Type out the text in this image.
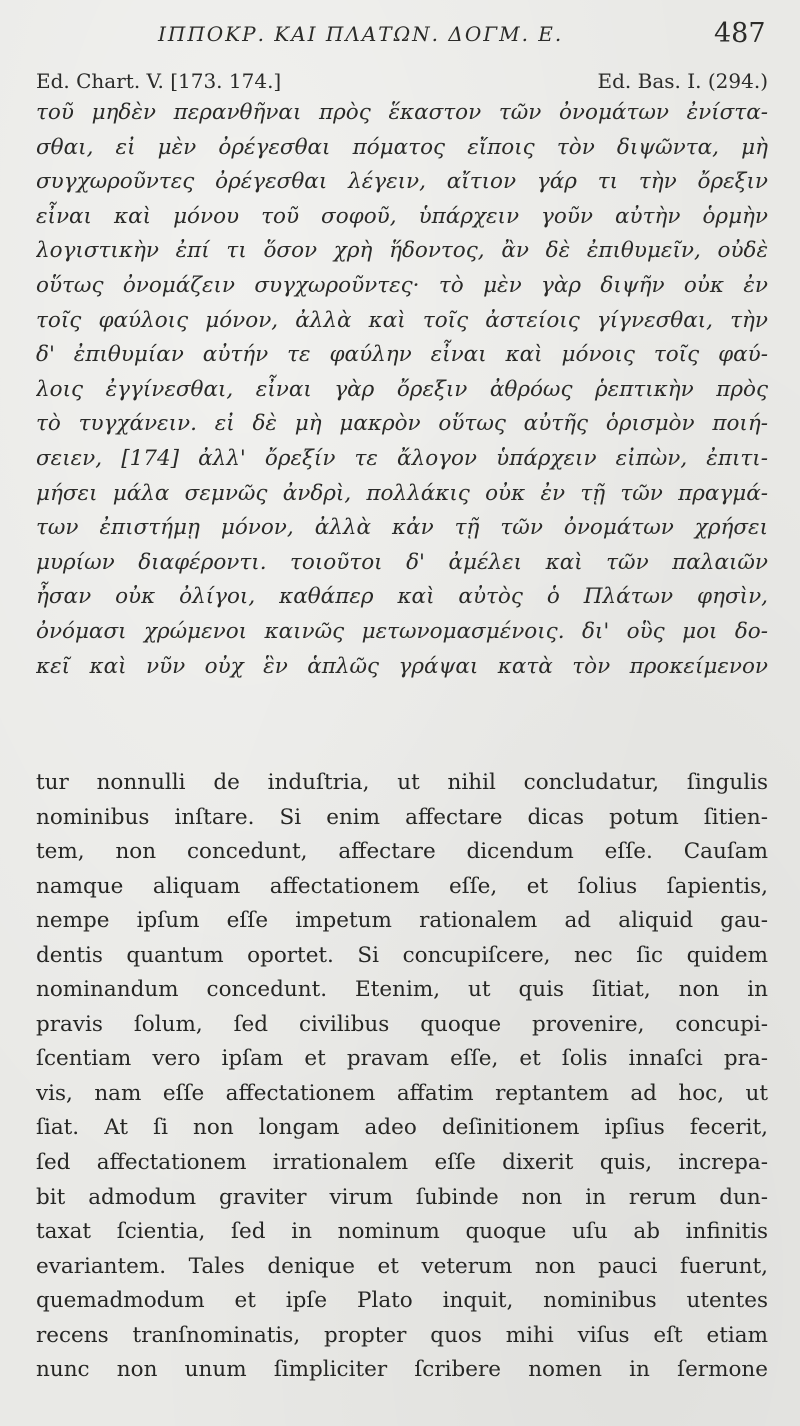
ΙΠΠΟΚΡ. ΚΑΙ ΠΛΑΤΩΝ. ΔΟΓΜ. Ε.	487
Ed. Chart. V. [173. 174.]	Ed. Bas. I. (294.)
τοῦ μηδὲν περανθῆναι πρὸς ἕκαστον τῶν ὀνομάτων ἐνίστα-
σθαι, εἰ μὲν ὀρέγεσθαι πόματος εἴποις τὸν διψῶντα, μὴ
συγχωροῦντες ὀρέγεσθαι λέγειν, αἴτιον γάρ τι τὴν ὄρεξιν
εἶναι καὶ μόνου τοῦ σοφοῦ, ὑπάρχειν γοῦν αὐτὴν ὁρμὴν
λογιστικὴν ἐπί τι ὅσον χρὴ ἥδοντος, ἂν δὲ ἐπιθυμεῖν, οὐδὲ
οὕτως ὀνομάζειν συγχωροῦντες· τὸ μὲν γὰρ διψῆν οὐκ ἐν
τοῖς φαύλοις μόνον, ἀλλὰ καὶ τοῖς ἀστείοις γίγνεσθαι, τὴν
δ' ἐπιθυμίαν αὐτήν τε φαύλην εἶναι καὶ μόνοις τοῖς φαύ-
λοις ἐγγίνεσθαι, εἶναι γὰρ ὄρεξιν ἀθρόως ῥεπτικὴν πρὸς
τὸ τυγχάνειν. εἰ δὲ μὴ μακρὸν οὕτως αὐτῆς ὁρισμὸν ποιή-
σειεν, [174] ἀλλ' ὄρεξίν τε ἄλογον ὑπάρχειν εἰπὼν, ἐπιτι-
μήσει μάλα σεμνῶς ἀνδρὶ, πολλάκις οὐκ ἐν τῇ τῶν πραγμά-
των ἐπιστήμῃ μόνον, ἀλλὰ κἀν τῇ τῶν ὀνομάτων χρήσει
μυρίων διαφέροντι. τοιοῦτοι δ' ἀμέλει καὶ τῶν παλαιῶν
ἦσαν οὐκ ὀλίγοι, καθάπερ καὶ αὐτὸς ὁ Πλάτων φησὶν,
ὀνόμασι χρώμενοι καινῶς μετωνομασμένοις. δι' οὓς μοι δο-
κεῖ καὶ νῦν οὐχ ἓν ἁπλῶς γράψαι κατὰ τὸν προκείμενον
tur nonnulli de induſtria, ut nihil concludatur, ſingulis
nominibus inſtare. Si enim affectare dicas potum ſitien-
tem, non concedunt, affectare dicendum eſſe. Cauſam
namque aliquam affectationem eſſe, et ſolius ſapientis,
nempe ipſum eſſe impetum rationalem ad aliquid gau-
dentis quantum oportet. Si concupiſcere, nec ſic quidem
nominandum concedunt. Etenim, ut quis ſitiat, non in
pravis ſolum, ſed civilibus quoque provenire, concupi-
ſcentiam vero ipſam et pravam eſſe, et ſolis innaſci pra-
vis, nam eſſe affectationem affatim reptantem ad hoc, ut
ſiat. At ſi non longam adeo deſinitionem ipſius fecerit,
ſed affectationem irrationalem eſſe dixerit quis, increpa-
bit admodum graviter virum ſubinde non in rerum dun-
taxat ſcientia, ſed in nominum quoque uſu ab infinitis
evariantem. Tales denique et veterum non pauci fuerunt,
quemadmodum et ipſe Plato inquit, nominibus utentes
recens tranſnominatis, propter quos mihi viſus eſt etiam
nunc non unum ſimpliciter ſcribere nomen in ſermone
